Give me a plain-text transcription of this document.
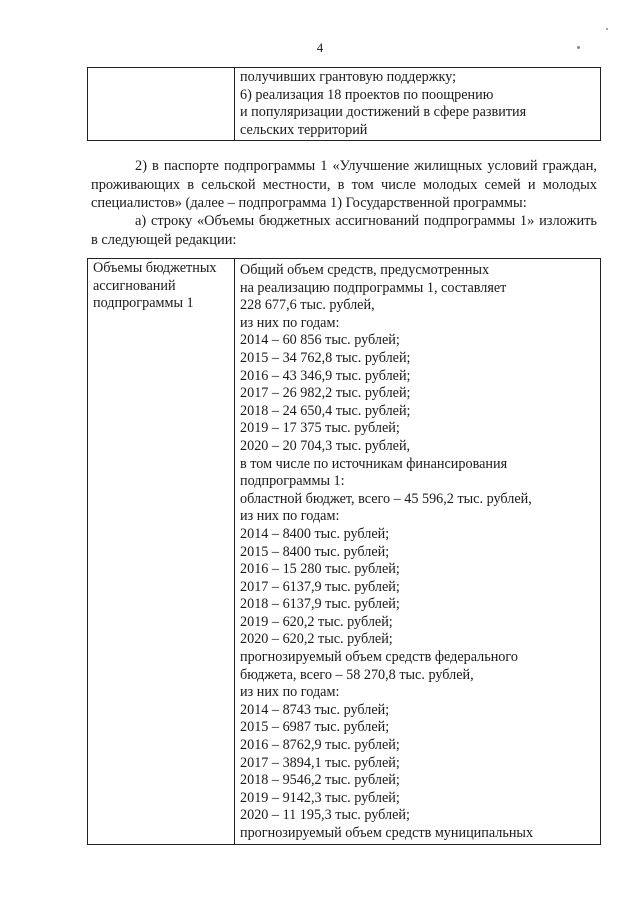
4

получивших грантовую поддержку;
6) реализация 18 проектов по поощрению
и популяризации достижений в сфере развития
сельских территорий
2) в паспорте подпрограммы 1 «Улучшение жилищных условий граждан,
проживающих в сельской местности, в том числе молодых семей и молодых
специалистов» (далее – подпрограмма 1) Государственной программы:
а) строку «Объемы бюджетных ассигнований подпрограммы 1» изложить
в следующей редакции:
Объемы бюджетных
ассигнований
подпрограммы 1

Общий объем средств, предусмотренных
на реализацию подпрограммы 1, составляет
228 677,6 тыс. рублей,
из них по годам:
2014 – 60 856 тыс. рублей;
2015 – 34 762,8 тыс. рублей;
2016 – 43 346,9 тыс. рублей;
2017 – 26 982,2 тыс. рублей;
2018 – 24 650,4 тыс. рублей;
2019 – 17 375 тыс. рублей;
2020 – 20 704,3 тыс. рублей,
в том числе по источникам финансирования
подпрограммы 1:
областной бюджет, всего – 45 596,2 тыс. рублей,
из них по годам:
2014 – 8400 тыс. рублей;
2015 – 8400 тыс. рублей;
2016 – 15 280 тыс. рублей;
2017 – 6137,9 тыс. рублей;
2018 – 6137,9 тыс. рублей;
2019 – 620,2 тыс. рублей;
2020 – 620,2 тыс. рублей;
прогнозируемый объем средств федерального
бюджета, всего – 58 270,8 тыс. рублей,
из них по годам:
2014 – 8743 тыс. рублей;
2015 – 6987 тыс. рублей;
2016 – 8762,9 тыс. рублей;
2017 – 3894,1 тыс. рублей;
2018 – 9546,2 тыс. рублей;
2019 – 9142,3 тыс. рублей;
2020 – 11 195,3 тыс. рублей;
прогнозируемый объем средств муниципальных
